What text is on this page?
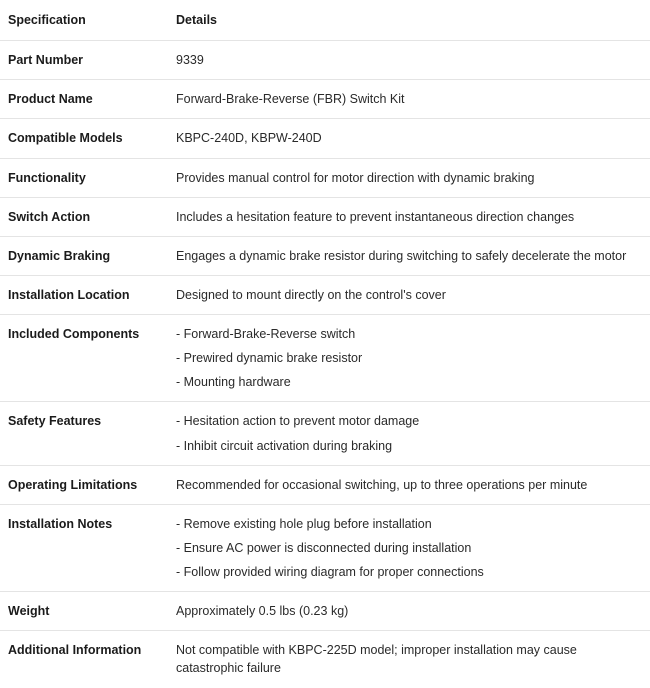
Specification	Details
Part Number	9339

Product Name	Forward-Brake-Reverse (FBR) Switch Kit

Compatible Models	KBPC-240D, KBPW-240D

Functionality	Provides manual control for motor direction with dynamic braking

Switch Action	Includes a hesitation feature to prevent instantaneous direction changes

Dynamic Braking	Engages a dynamic brake resistor during switching to safely decelerate the motor

Installation Location	Designed to mount directly on the control's cover

Included Components	- Forward-Brake-Reverse switch
- Prewired dynamic brake resistor
- Mounting hardware

Safety Features	- Hesitation action to prevent motor damage
- Inhibit circuit activation during braking

Operating Limitations	Recommended for occasional switching, up to three operations per minute

Installation Notes	- Remove existing hole plug before installation
- Ensure AC power is disconnected during installation
- Follow provided wiring diagram for proper connections

Weight	Approximately 0.5 lbs (0.23 kg)

Additional Information	Not compatible with KBPC-225D model; improper installation may cause catastrophic failure
